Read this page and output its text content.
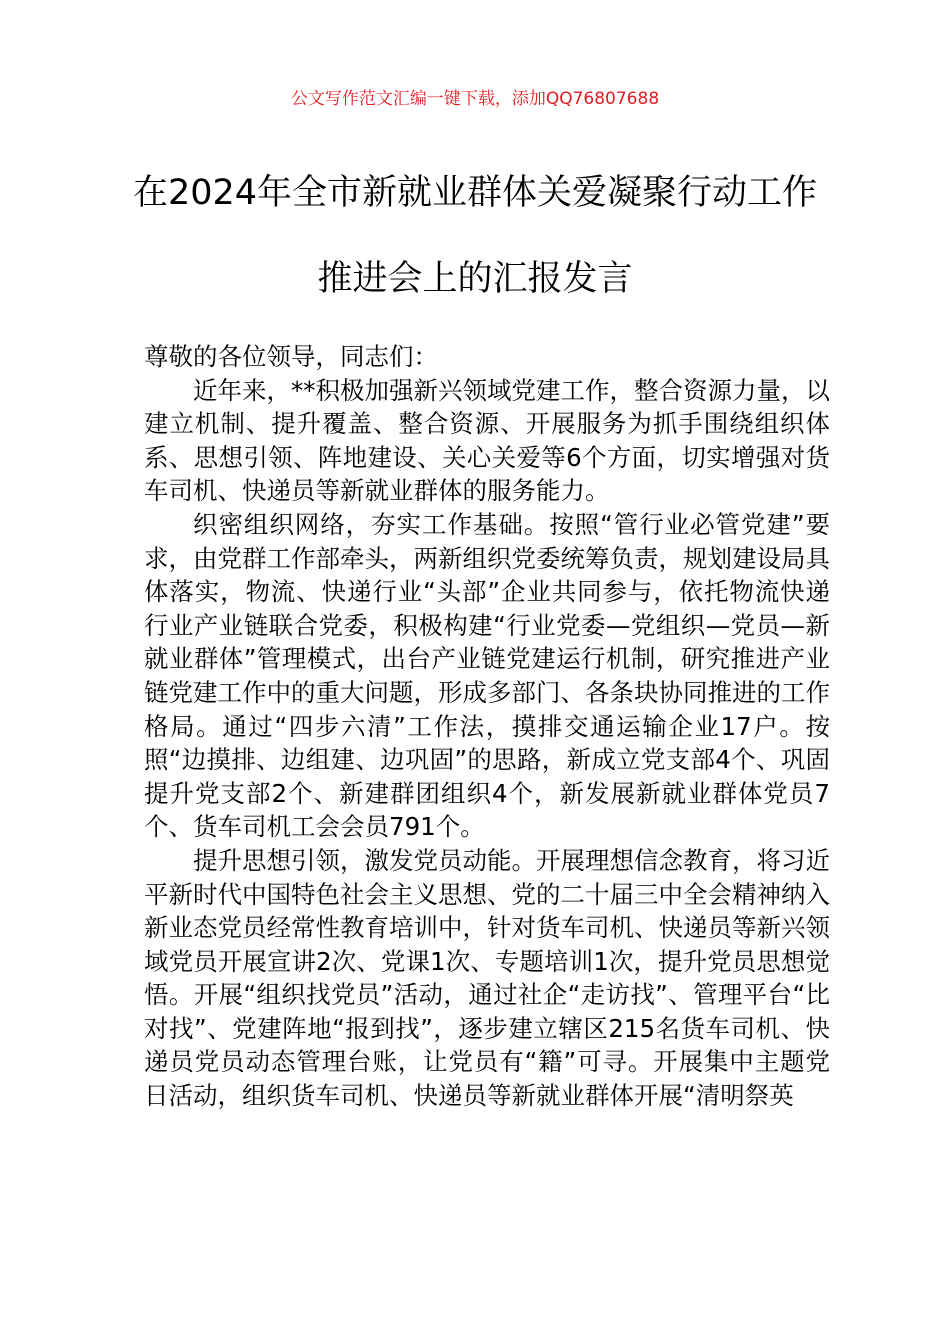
公文写作范文汇编一键下载，添加QQ76807688
在2024年全市新就业群体关爱凝聚行动工作推进会上的汇报发言

尊敬的各位领导，同志们：

近年来，**积极加强新兴领域党建工作，整合资源力量，以建立机制、提升覆盖、整合资源、开展服务为抓手围绕组织体系、思想引领、阵地建设、关心关爱等6个方面，切实增强对货车司机、快递员等新就业群体的服务能力。

织密组织网络，夯实工作基础。按照“管行业必管党建”要求，由党群工作部牵头，两新组织党委统筹负责，规划建设局具体落实，物流、快递行业“头部”企业共同参与，依托物流快递行业产业链联合党委，积极构建“行业党委—党组织—党员—新就业群体”管理模式，出台产业链党建运行机制，研究推进产业链党建工作中的重大问题，形成多部门、各条块协同推进的工作格局。通过“四步六清”工作法，摸排交通运输企业17户。按照“边摸排、边组建、边巩固”的思路，新成立党支部4个、巩固提升党支部2个、新建群团组织4个，新发展新就业群体党员7个、货车司机工会会员791个。

提升思想引领，激发党员动能。开展理想信念教育，将习近平新时代中国特色社会主义思想、党的二十届三中全会精神纳入新业态党员经常性教育培训中，针对货车司机、快递员等新兴领域党员开展宣讲2次、党课1次、专题培训1次，提升党员思想觉悟。开展“组织找党员”活动，通过社企“走访找”、管理平台“比对找”、党建阵地“报到找”，逐步建立辖区215名货车司机、快递员党员动态管理台账，让党员有“籍”可寻。开展集中主题党日活动，组织货车司机、快递员等新就业群体开展“清明祭英
